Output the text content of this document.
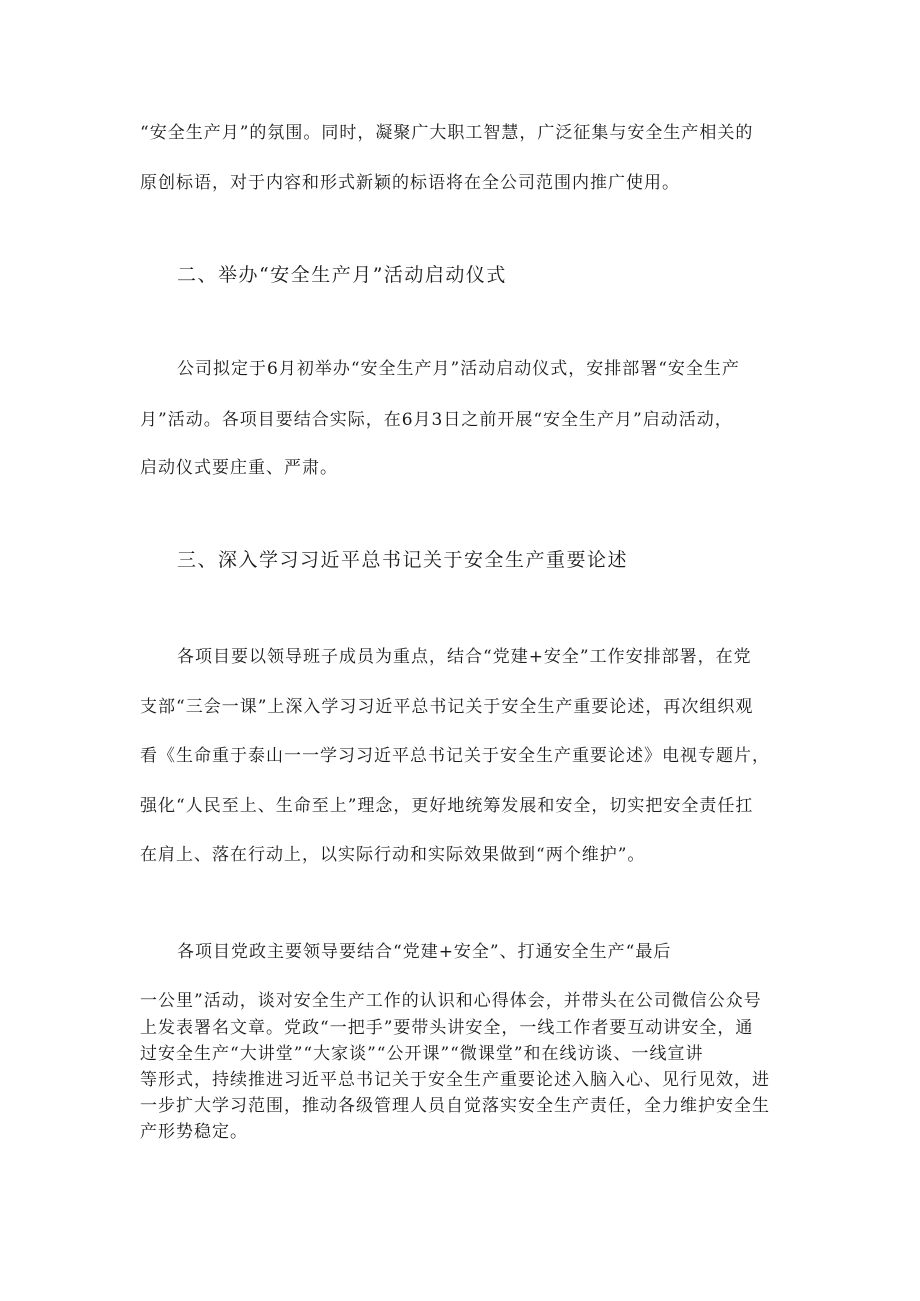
“安全生产月”的氛围。同时，凝聚广大职工智慧，广泛征集与安全生产相关的
原创标语，对于内容和形式新颖的标语将在全公司范围内推广使用。
二、举办“安全生产月”活动启动仪式
公司拟定于6月初举办“安全生产月”活动启动仪式，安排部署“安全生产
月”活动。各项目要结合实际，在6月3日之前开展“安全生产月”启动活动，
启动仪式要庄重、严肃。
三、深入学习习近平总书记关于安全生产重要论述
各项目要以领导班子成员为重点，结合“党建+安全”工作安排部署，在党
支部“三会一课”上深入学习习近平总书记关于安全生产重要论述，再次组织观
看《生命重于泰山一一学习习近平总书记关于安全生产重要论述》电视专题片，
强化“人民至上、生命至上”理念，更好地统筹发展和安全，切实把安全责任扛
在肩上、落在行动上，以实际行动和实际效果做到“两个维护”。
各项目党政主要领导要结合“党建+安全”、打通安全生产“最后
一公里”活动，谈对安全生产工作的认识和心得体会，并带头在公司微信公众号
上发表署名文章。党政“一把手”要带头讲安全，一线工作者要互动讲安全，通
过安全生产“大讲堂”“大家谈”“公开课”“微课堂”和在线访谈、一线宣讲
等形式，持续推进习近平总书记关于安全生产重要论述入脑入心、见行见效，进
一步扩大学习范围，推动各级管理人员自觉落实安全生产责任，全力维护安全生
产形势稳定。
